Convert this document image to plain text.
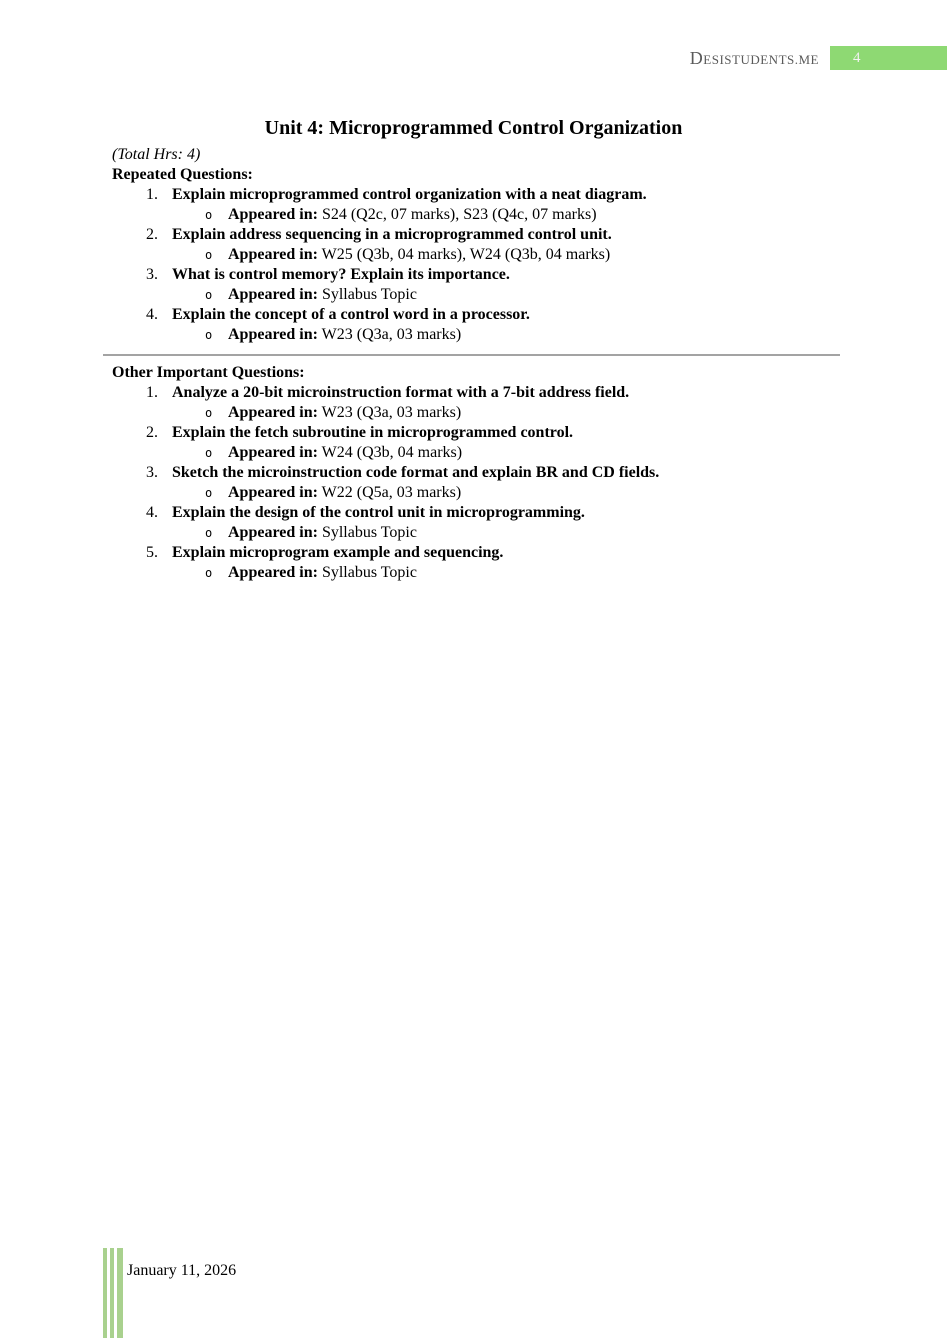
DESISTUDENTS.ME 4
Unit 4: Microprogrammed Control Organization
(Total Hrs: 4)
Repeated Questions:
1. Explain microprogrammed control organization with a neat diagram.
o Appeared in: S24 (Q2c, 07 marks), S23 (Q4c, 07 marks)
2. Explain address sequencing in a microprogrammed control unit.
o Appeared in: W25 (Q3b, 04 marks), W24 (Q3b, 04 marks)
3. What is control memory? Explain its importance.
o Appeared in: Syllabus Topic
4. Explain the concept of a control word in a processor.
o Appeared in: W23 (Q3a, 03 marks)
Other Important Questions:
1. Analyze a 20-bit microinstruction format with a 7-bit address field.
o Appeared in: W23 (Q3a, 03 marks)
2. Explain the fetch subroutine in microprogrammed control.
o Appeared in: W24 (Q3b, 04 marks)
3. Sketch the microinstruction code format and explain BR and CD fields.
o Appeared in: W22 (Q5a, 03 marks)
4. Explain the design of the control unit in microprogramming.
o Appeared in: Syllabus Topic
5. Explain microprogram example and sequencing.
o Appeared in: Syllabus Topic
January 11, 2026
